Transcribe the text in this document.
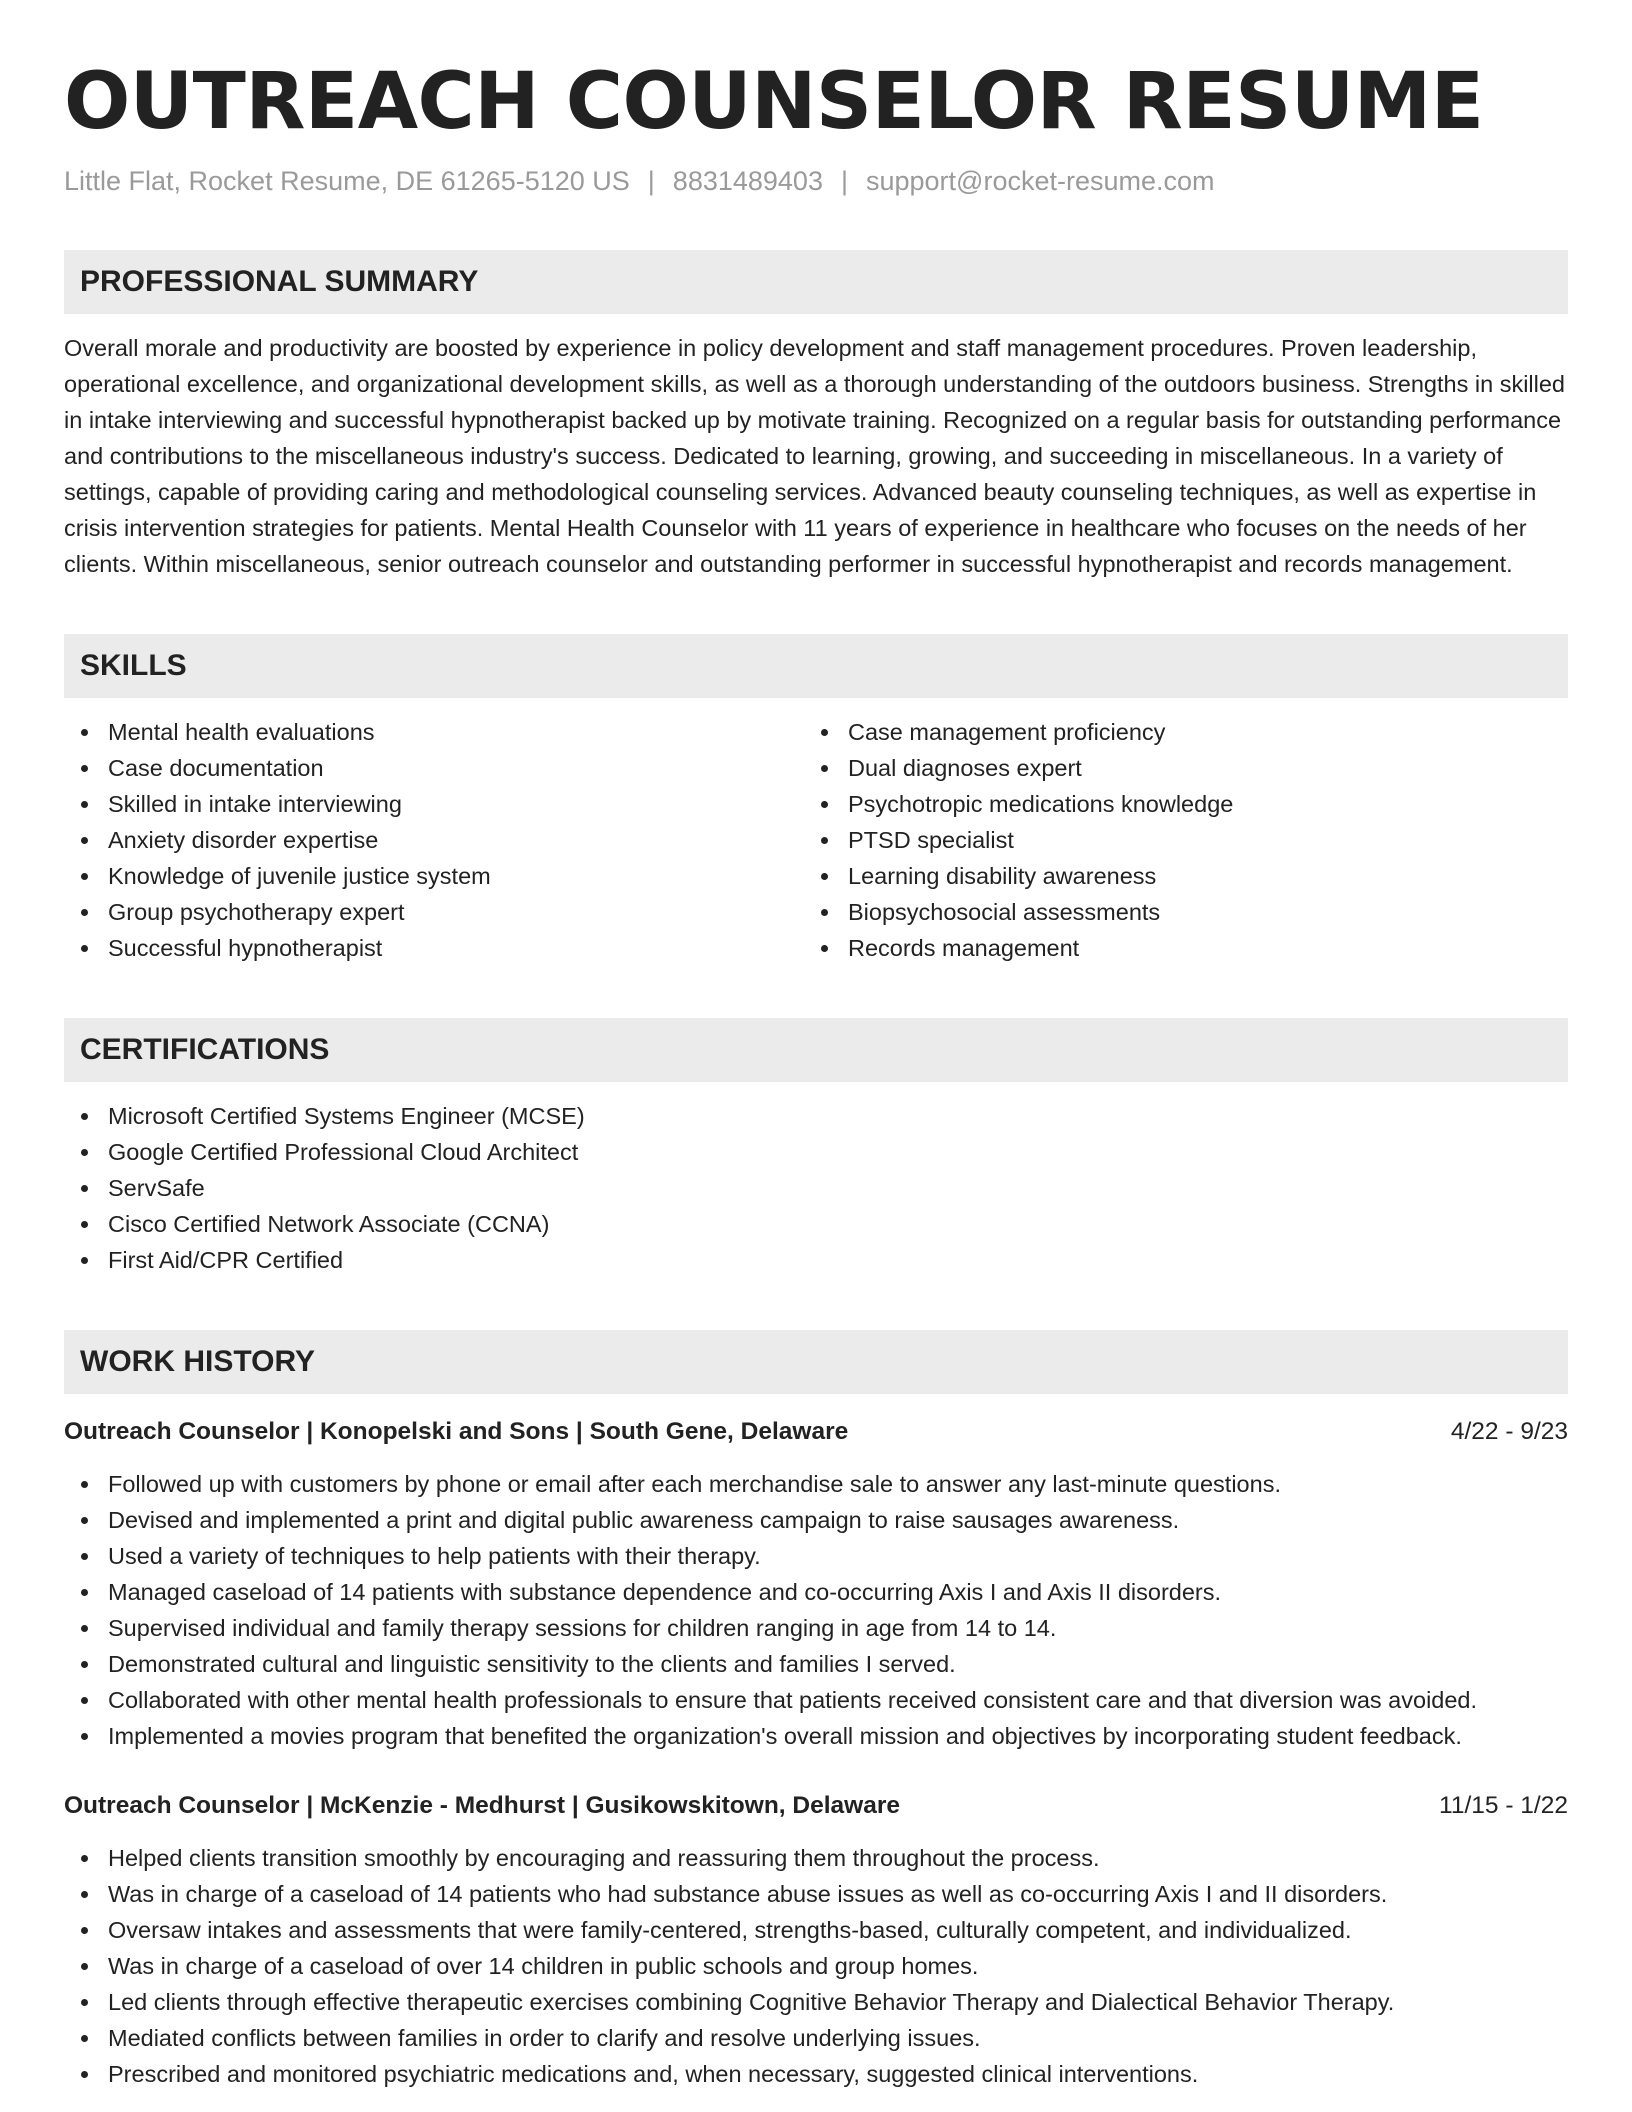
OUTREACH COUNSELOR RESUME
Little Flat, Rocket Resume, DE 61265-5120 US | 8831489403 | support@rocket-resume.com
PROFESSIONAL SUMMARY
Overall morale and productivity are boosted by experience in policy development and staff management procedures. Proven leadership, operational excellence, and organizational development skills, as well as a thorough understanding of the outdoors business. Strengths in skilled in intake interviewing and successful hypnotherapist backed up by motivate training. Recognized on a regular basis for outstanding performance and contributions to the miscellaneous industry's success. Dedicated to learning, growing, and succeeding in miscellaneous. In a variety of settings, capable of providing caring and methodological counseling services. Advanced beauty counseling techniques, as well as expertise in crisis intervention strategies for patients. Mental Health Counselor with 11 years of experience in healthcare who focuses on the needs of her clients. Within miscellaneous, senior outreach counselor and outstanding performer in successful hypnotherapist and records management.
SKILLS
Mental health evaluations
Case documentation
Skilled in intake interviewing
Anxiety disorder expertise
Knowledge of juvenile justice system
Group psychotherapy expert
Successful hypnotherapist
Case management proficiency
Dual diagnoses expert
Psychotropic medications knowledge
PTSD specialist
Learning disability awareness
Biopsychosocial assessments
Records management
CERTIFICATIONS
Microsoft Certified Systems Engineer (MCSE)
Google Certified Professional Cloud Architect
ServSafe
Cisco Certified Network Associate (CCNA)
First Aid/CPR Certified
WORK HISTORY
Outreach Counselor | Konopelski and Sons | South Gene, Delaware	4/22 - 9/23
Followed up with customers by phone or email after each merchandise sale to answer any last-minute questions.
Devised and implemented a print and digital public awareness campaign to raise sausages awareness.
Used a variety of techniques to help patients with their therapy.
Managed caseload of 14 patients with substance dependence and co-occurring Axis I and Axis II disorders.
Supervised individual and family therapy sessions for children ranging in age from 14 to 14.
Demonstrated cultural and linguistic sensitivity to the clients and families I served.
Collaborated with other mental health professionals to ensure that patients received consistent care and that diversion was avoided.
Implemented a movies program that benefited the organization's overall mission and objectives by incorporating student feedback.
Outreach Counselor | McKenzie - Medhurst | Gusikowskitown, Delaware	11/15 - 1/22
Helped clients transition smoothly by encouraging and reassuring them throughout the process.
Was in charge of a caseload of 14 patients who had substance abuse issues as well as co-occurring Axis I and II disorders.
Oversaw intakes and assessments that were family-centered, strengths-based, culturally competent, and individualized.
Was in charge of a caseload of over 14 children in public schools and group homes.
Led clients through effective therapeutic exercises combining Cognitive Behavior Therapy and Dialectical Behavior Therapy.
Mediated conflicts between families in order to clarify and resolve underlying issues.
Prescribed and monitored psychiatric medications and, when necessary, suggested clinical interventions.
